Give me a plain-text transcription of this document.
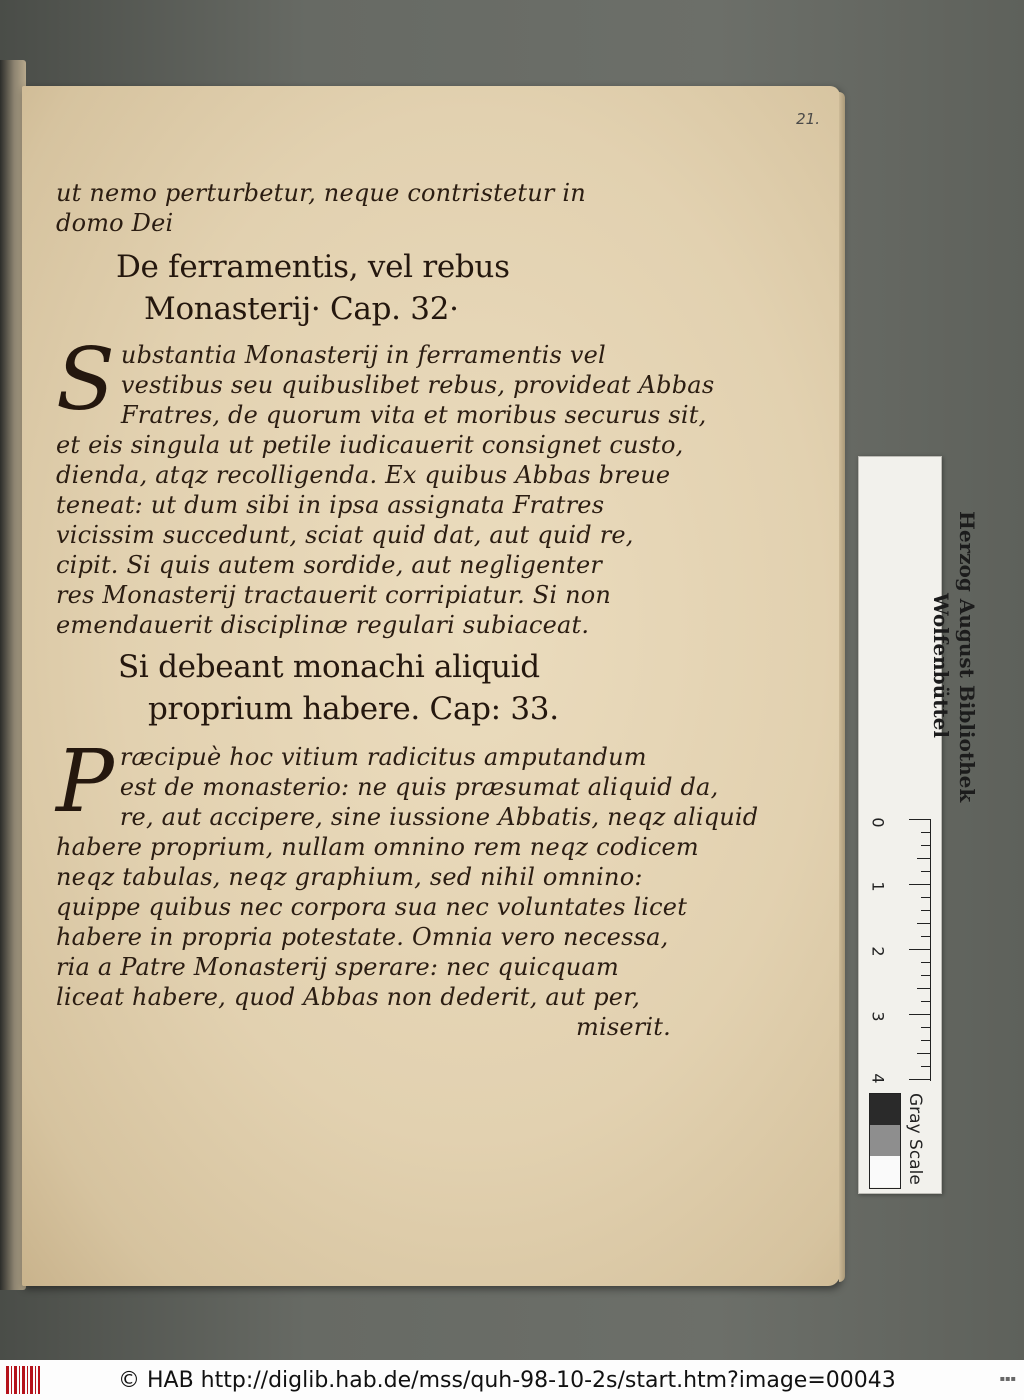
21.
ut nemo perturbetur, neque contristetur in
domo Dei
De ferramentis, vel rebus
Monasterij· Cap. 32·
S ubstantia Monasterij in ferramentis vel
vestibus seu quibuslibet rebus, provideat Abbas
Fratres, de quorum vita et moribus securus sit,
et eis singula ut petile iudicauerit consignet custo,
dienda, atqz recolligenda. Ex quibus Abbas breue
teneat: ut dum sibi in ipsa assignata Fratres
vicissim succedunt, sciat quid dat, aut quid re,
cipit. Si quis autem sordide, aut negligenter
res Monasterij tractauerit corripiatur. Si non
emendauerit disciplinæ regulari subiaceat.
Si debeant monachi aliquid
proprium habere. Cap: 33.
P ræcipuè hoc vitium radicitus amputandum
est de monasterio: ne quis præsumat aliquid da,
re, aut accipere, sine iussione Abbatis, neqz aliquid
habere proprium, nullam omnino rem neqz codicem
neqz tabulas, neqz graphium, sed nihil omnino:
quippe quibus nec corpora sua nec voluntates licet
habere in propria potestate. Omnia vero necessa,
ria a Patre Monasterij sperare: nec quicquam
liceat habere, quod Abbas non dederit, aut per,
miserit.
Herzog August Bibliothek
Wolfenbüttel
0
1
2
3
4
Gray Scale
© HAB http://diglib.hab.de/mss/quh-98-10-2s/start.htm?image=00043	▪▪▪
